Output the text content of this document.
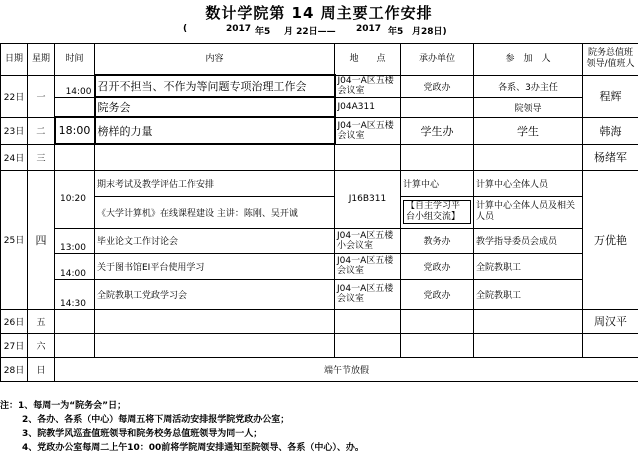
数计学院第 14 周主要工作安排
(	2017 年5 月 22日—— 2017 年5 月28日)
日期	星期	时间	内容	地　　点	承办单位	参　加　人	院务总值班领导/值班人
22日	一	14:00	召开不担当、不作为等问题专项治理工作会	J04一A区五楼会议室	党政办	各系、3办主任	程辉
			院务会	J04A311		院领导	
23日	二	18:00	榜样的力量	J04一A区五楼会议室	学生办	学生	韩海
24日	三						杨绪军
25日	四	10:20	期末考试及教学评估工作安排	J16B311	计算中心	计算中心全体人员	万优艳
			《大学计算机》在线课程建设 主讲：陈刚、吴开诚		【自主学习平台小组交流】	计算中心全体人员及相关人员	
		13:00	毕业论文工作讨论会	J04一A区五楼小会议室	教务办	教学指导委员会成员	
		14:00	关于图书馆EI平台使用学习	J04一A区五楼会议室	党政办	全院教职工	
		14:30	全院教职工党政学习会	J04一A区五楼会议室	党政办	全院教职工	
26日	五						周汉平
27日	六						
28日	日	端午节放假					
注：1、每周一为“院务会”日；
2、各办、各系（中心）每周五将下周活动安排报学院党政办公室；
3、院教学风巡查值班领导和院务校务总值班领导为同一人；
4、党政办公室每周二上午10：00前将学院周安排通知至院领导、各系（中心）、办。
